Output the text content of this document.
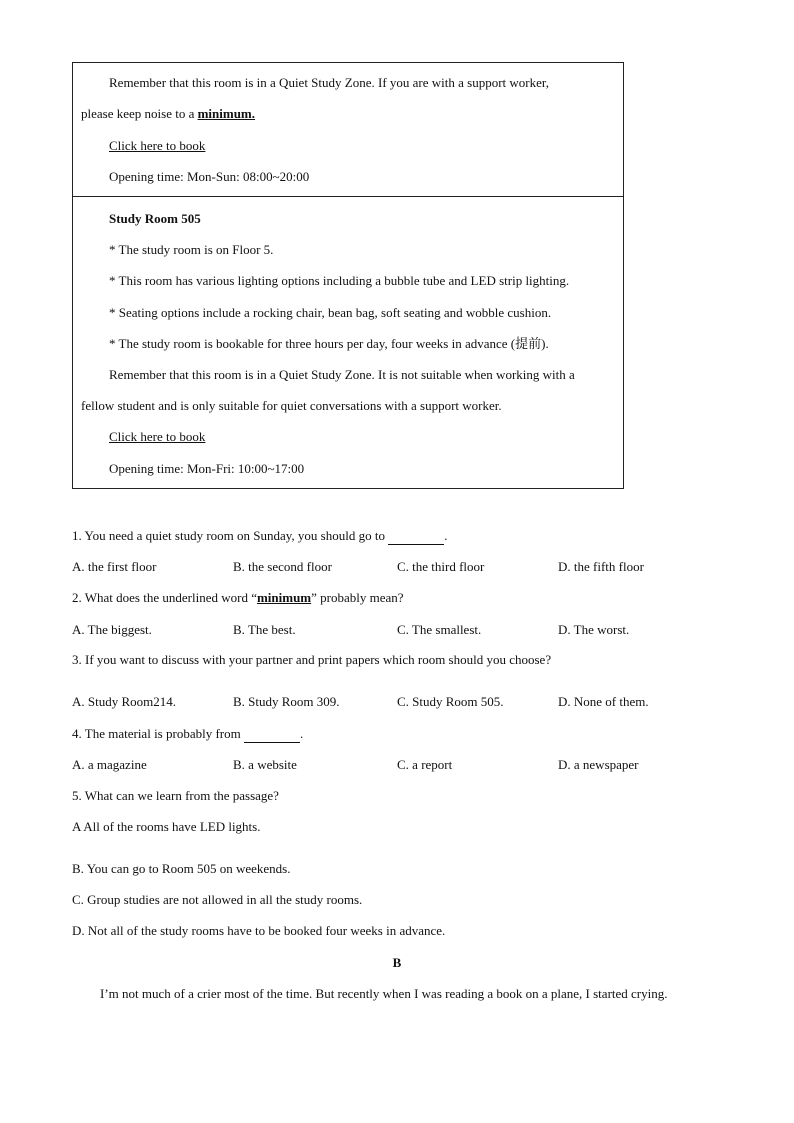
Remember that this room is in a Quiet Study Zone. If you are with a support worker,
please keep noise to a minimum.
Click here to book
Opening time: Mon-Sun: 08:00~20:00
Study Room 505
* The study room is on Floor 5.
* This room has various lighting options including a bubble tube and LED strip lighting.
* Seating options include a rocking chair, bean bag, soft seating and wobble cushion.
* The study room is bookable for three hours per day, four weeks in advance (提前).
Remember that this room is in a Quiet Study Zone. It is not suitable when working with a
fellow student and is only suitable for quiet conversations with a support worker.
Click here to book
Opening time: Mon-Fri: 10:00~17:00
1. You need a quiet study room on Sunday, you should go to	.
A. the first floor	B. the second floor	C. the third floor	D. the fifth floor
2. What does the underlined word “minimum” probably mean?
A. The biggest.	B. The best.	C. The smallest.	D. The worst.
3. If you want to discuss with your partner and print papers which room should you choose?
A. Study Room214.	B. Study Room 309.	C. Study Room 505.	D. None of them.
4. The material is probably from	.
A. a magazine	B. a website	C. a report	D. a newspaper
5. What can we learn from the passage?
A All of the rooms have LED lights.
B. You can go to Room 505 on weekends.
C. Group studies are not allowed in all the study rooms.
D. Not all of the study rooms have to be booked four weeks in advance.
B
I’m not much of a crier most of the time. But recently when I was reading a book on a plane, I started crying.
